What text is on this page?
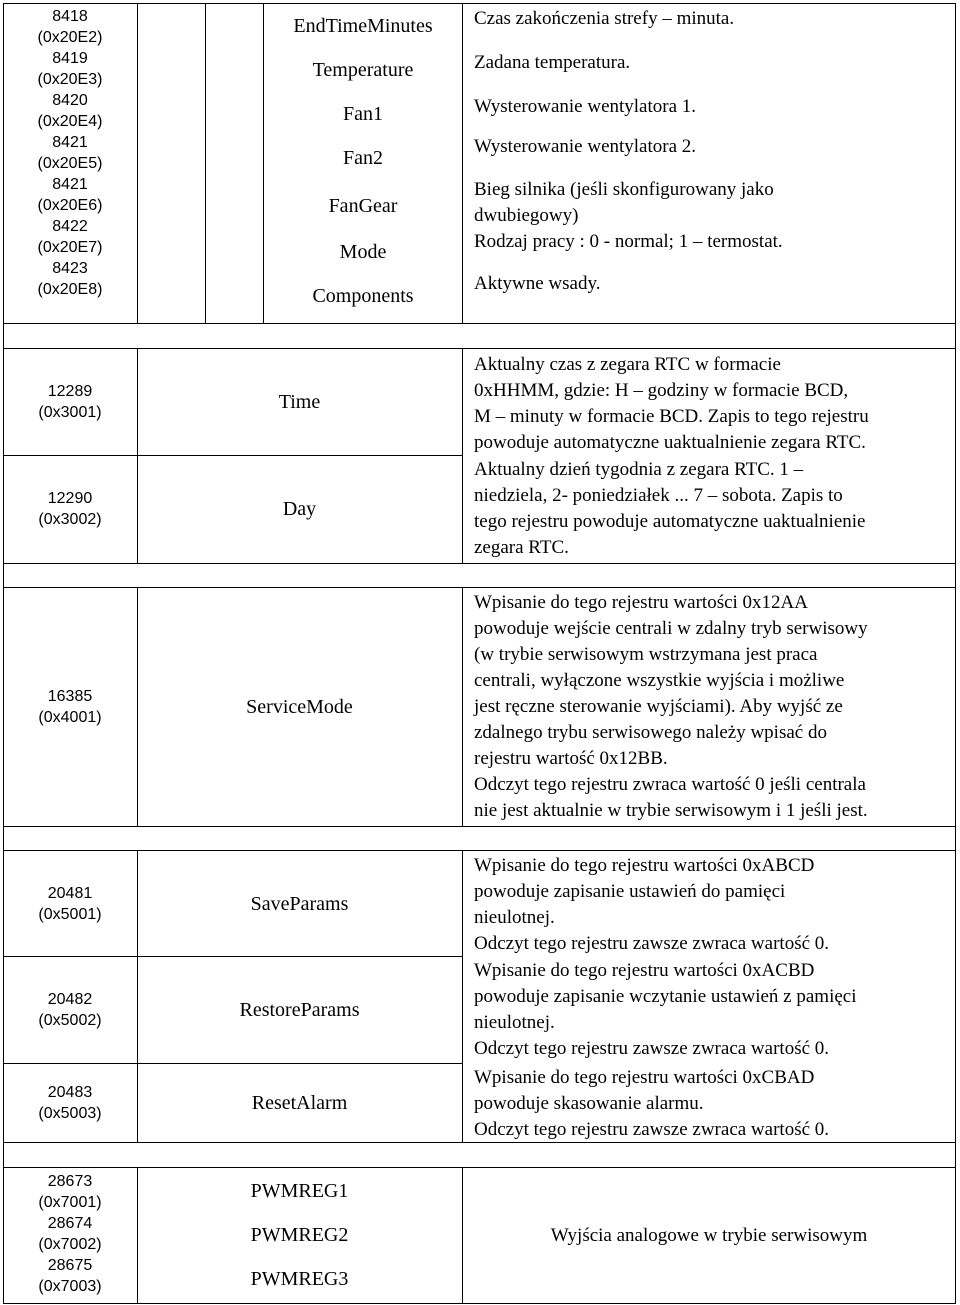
8418
(0x20E2)
8419
(0x20E3)
8420
(0x20E4)
8421
(0x20E5)
8421
(0x20E6)
8422
(0x20E7)
8423
(0x20E8)
EndTimeMinutes
Temperature
Fan1
Fan2
FanGear
Mode
Components
Czas zakończenia strefy – minuta.
Zadana temperatura.
Wysterowanie wentylatora 1.
Wysterowanie wentylatora 2.
Bieg silnika (jeśli skonfigurowany jako
dwubiegowy)
Rodzaj pracy : 0 - normal; 1 – termostat.
Aktywne wsady.
12289
(0x3001)
12290
(0x3002)
Time
Day
Aktualny czas z zegara RTC w formacie
0xHHMM, gdzie: H – godziny w formacie BCD,
M – minuty w formacie BCD. Zapis to tego rejestru
powoduje automatyczne uaktualnienie zegara RTC.
Aktualny dzień tygodnia z zegara RTC. 1 –
niedziela, 2- poniedziałek ... 7 – sobota. Zapis to
tego rejestru powoduje automatyczne uaktualnienie
zegara RTC.
16385
(0x4001)	ServiceMode
Wpisanie do tego rejestru wartości 0x12AA
powoduje wejście centrali w zdalny tryb serwisowy
(w trybie serwisowym wstrzymana jest praca
centrali, wyłączone wszystkie wyjścia i możliwe
jest ręczne sterowanie wyjściami). Aby wyjść ze
zdalnego trybu serwisowego należy wpisać do
rejestru wartość 0x12BB.
Odczyt tego rejestru zwraca wartość 0 jeśli centrala
nie jest aktualnie w trybie serwisowym i 1 jeśli jest.
20481
(0x5001)
20482
(0x5002)
20483
(0x5003)
SaveParams
RestoreParams
ResetAlarm
Wpisanie do tego rejestru wartości 0xABCD
powoduje zapisanie ustawień do pamięci
nieulotnej.
Odczyt tego rejestru zawsze zwraca wartość 0.
Wpisanie do tego rejestru wartości 0xACBD
powoduje zapisanie wczytanie ustawień z pamięci
nieulotnej.
Odczyt tego rejestru zawsze zwraca wartość 0.
Wpisanie do tego rejestru wartości 0xCBAD
powoduje skasowanie alarmu.
Odczyt tego rejestru zawsze zwraca wartość 0.
28673
(0x7001)
28674
(0x7002)
28675
(0x7003)
PWMREG1
PWMREG2
PWMREG3
Wyjścia analogowe w trybie serwisowym
